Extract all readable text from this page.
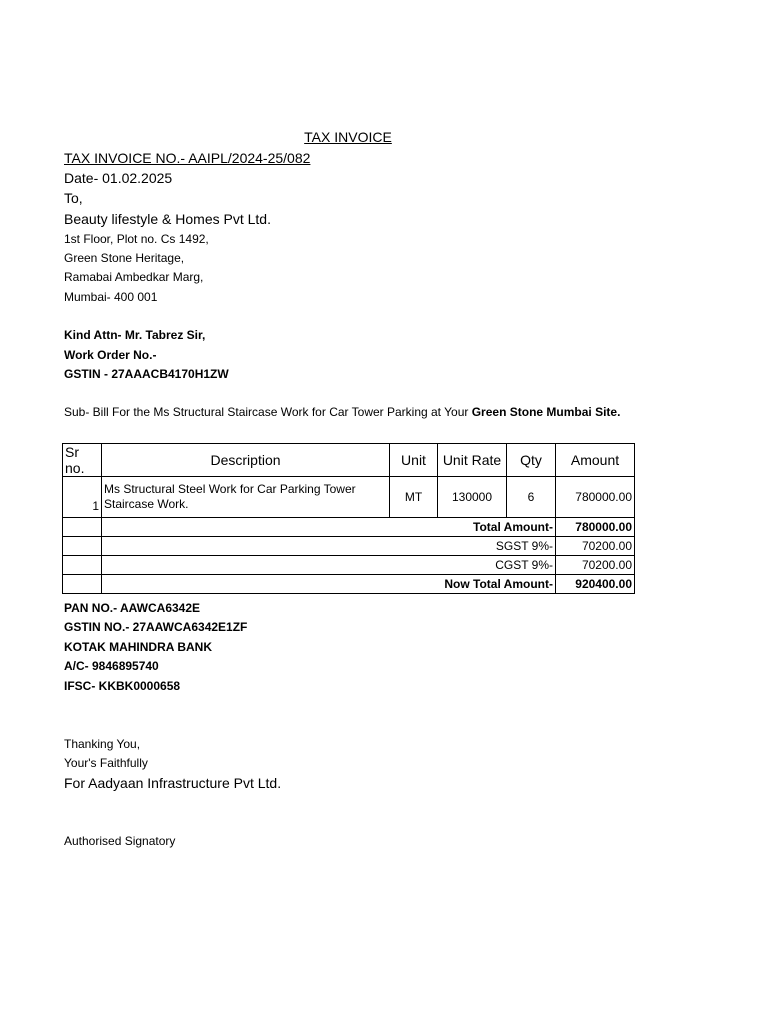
TAX INVOICE
TAX INVOICE NO.- AAIPL/2024-25/082
Date- 01.02.2025
To,
Beauty lifestyle & Homes Pvt Ltd.
1st Floor, Plot no. Cs 1492,
Green Stone Heritage,
Ramabai Ambedkar Marg,
Mumbai- 400 001
Kind Attn- Mr. Tabrez Sir,
Work Order No.-
GSTIN - 27AAACB4170H1ZW
Sub- Bill For the Ms Structural Staircase Work for Car Tower Parking at Your Green Stone Mumbai Site.
Sr no.	Description	Unit	Unit Rate	Qty	Amount
1	Ms Structural Steel Work for Car Parking Tower Staircase Work.	MT	130000	6	780000.00
	Total Amount-				780000.00
	SGST 9%-				70200.00
	CGST 9%-				70200.00
	Now Total Amount-				920400.00
PAN NO.- AAWCA6342E
GSTIN NO.- 27AAWCA6342E1ZF
KOTAK MAHINDRA BANK
A/C- 9846895740
IFSC- KKBK0000658
Thanking You,
Your's Faithfully
For Aadyaan Infrastructure Pvt Ltd.
Authorised Signatory
